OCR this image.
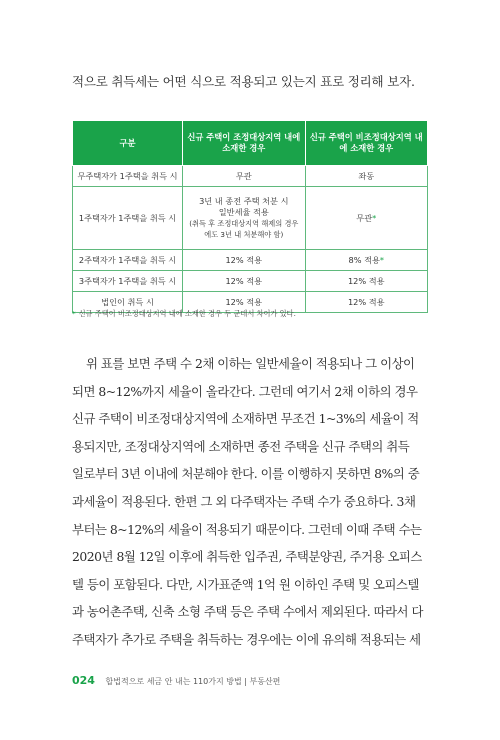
적으로 취득세는 어떤 식으로 적용되고 있는지 표로 정리해 보자.
구분	신규 주택이 조정대상지역 내에 소재한 경우	신규 주택이 비조정대상지역 내에 소재한 경우
무주택자가 1주택을 취득 시	무관	좌동
1주택자가 1주택을 취득 시	3년 내 종전 주택 처분 시
일반세율 적용
(취득 후 조정대상지역 해제의 경우에도 3년 내 처분해야 함)	무관*
2주택자가 1주택을 취득 시	12% 적용	8% 적용*
3주택자가 1주택을 취득 시	12% 적용	12% 적용
법인이 취득 시	12% 적용	12% 적용
* 신규 주택이 비조정대상지역 내에 소재한 경우 두 군데서 차이가 있다.
위 표를 보면 주택 수 2채 이하는 일반세율이 적용되나 그 이상이
되면 8~12%까지 세율이 올라간다. 그런데 여기서 2채 이하의 경우
신규 주택이 비조정대상지역에 소재하면 무조건 1~3%의 세율이 적
용되지만, 조정대상지역에 소재하면 종전 주택을 신규 주택의 취득
일로부터 3년 이내에 처분해야 한다. 이를 이행하지 못하면 8%의 중
과세율이 적용된다. 한편 그 외 다주택자는 주택 수가 중요하다. 3채
부터는 8~12%의 세율이 적용되기 때문이다. 그런데 이때 주택 수는
2020년 8월 12일 이후에 취득한 입주권, 주택분양권, 주거용 오피스
텔 등이 포함된다. 다만, 시가표준액 1억 원 이하인 주택 및 오피스텔
과 농어촌주택, 신축 소형 주택 등은 주택 수에서 제외된다. 따라서 다
주택자가 추가로 주택을 취득하는 경우에는 이에 유의해 적용되는 세
024 합법적으로 세금 안 내는 110가지 방법 | 부동산편
